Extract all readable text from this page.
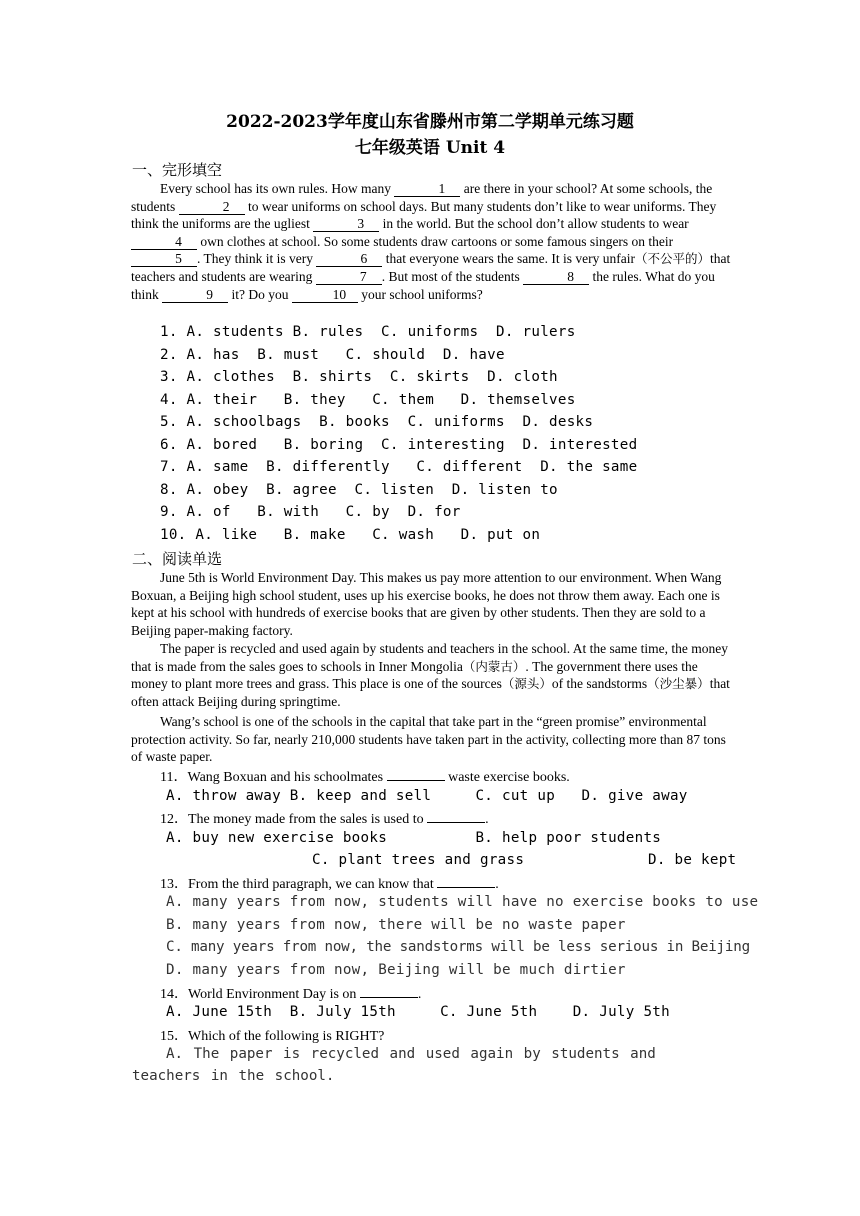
2022-2023学年度山东省滕州市第二学期单元练习题
七年级英语 Unit 4
一、完形填空

Every school has its own rules. How many	1 are there in your school? At some schools, the students	2 to wear uniforms on school days. But many students don’t like to wear uniforms. They think the uniforms are the ugliest	3 in the world. But the school don’t allow students to wear 4 own clothes at school. So some students draw cartoons or some famous singers on their 5 . They think it is very	6 that everyone wears the same. It is very unfair（不公平的）that teachers and students are wearing	7 . But most of the students	8 the rules. What do you think	9 it? Do you	10 your school uniforms?

1. A. students B. rules  C. uniforms  D. rulers
2. A. has  B. must   C. should  D. have
3. A. clothes  B. shirts  C. skirts  D. cloth
4. A. their   B. they   C. them   D. themselves
5. A. schoolbags  B. books  C. uniforms  D. desks
6. A. bored   B. boring  C. interesting  D. interested
7. A. same  B. differently   C. different  D. the same
8. A. obey  B. agree  C. listen  D. listen to
9. A. of   B. with   C. by  D. for
10. A. like   B. make   C. wash   D. put on
二、阅读单选

June 5th is World Environment Day. This makes us pay more attention to our environment. When Wang Boxuan, a Beijing high school student, uses up his exercise books, he does not throw them away. Each one is kept at his school with hundreds of exercise books that are given by other students. Then they are sold to a Beijing paper-making factory.

The paper is recycled and used again by students and teachers in the school. At the same time, the money that is made from the sales goes to schools in Inner Mongolia（内蒙古）. The government there uses the money to plant more trees and grass. This place is one of the sources（源头）of the sandstorms（沙尘暴）that often attack Beijing during springtime.

Wang’s school is one of the schools in the capital that take part in the “green promise” environmental protection activity. So far, nearly 210,000 students have taken part in the activity, collecting more than 87 tons of waste paper.

11．Wang Boxuan and his schoolmates	waste exercise books.
A. throw away B. keep and sell     C. cut up   D. give away
12．The money made from the sales is used to	.
A. buy new exercise books          B. help poor students
C. plant trees and grass              D. be kept
13．From the third paragraph, we can know that	.
A. many years from now, students will have no exercise books to use
B. many years from now, there will be no waste paper
C. many years from now, the sandstorms will be less serious in Beijing
D. many years from now, Beijing will be much dirtier
14．World Environment Day is on	.
A. June 15th  B. July 15th     C. June 5th    D. July 5th
15．Which of the following is RIGHT?

A. The paper is recycled and used again by students and teachers in the school.
